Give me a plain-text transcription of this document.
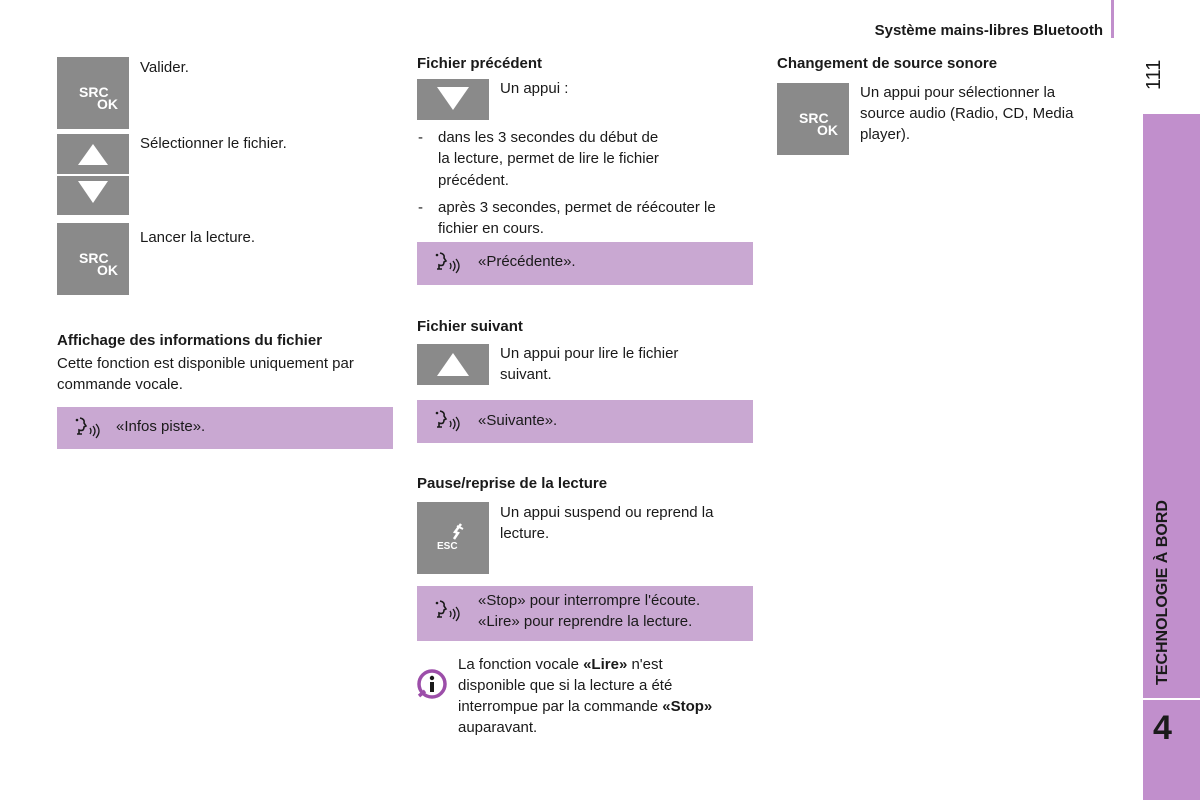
Système mains-libres Bluetooth
111
TECHNOLOGIE À BORD
4
SRC
OK
Valider.
Sélectionner le fichier.
SRC
OK
Lancer la lecture.
Affichage des informations du fichier
Cette fonction est disponible uniquement par
commande vocale.
«Infos piste».
Fichier précédent
Un appui :
- dans les 3 secondes du début de
la lecture, permet de lire le fichier
précédent.
- après 3 secondes, permet de réécouter le
fichier en cours.
«Précédente».
Fichier suivant
Un appui pour lire le fichier
suivant.
«Suivante».
Pause/reprise de la lecture
ESC
Un appui suspend ou reprend la
lecture.
«Stop» pour interrompre l'écoute.
«Lire» pour reprendre la lecture.
La fonction vocale «Lire» n'est
disponible que si la lecture a été
interrompue par la commande «Stop»
auparavant.
Changement de source sonore
SRC
OK
Un appui pour sélectionner la
source audio (Radio, CD, Media
player).
